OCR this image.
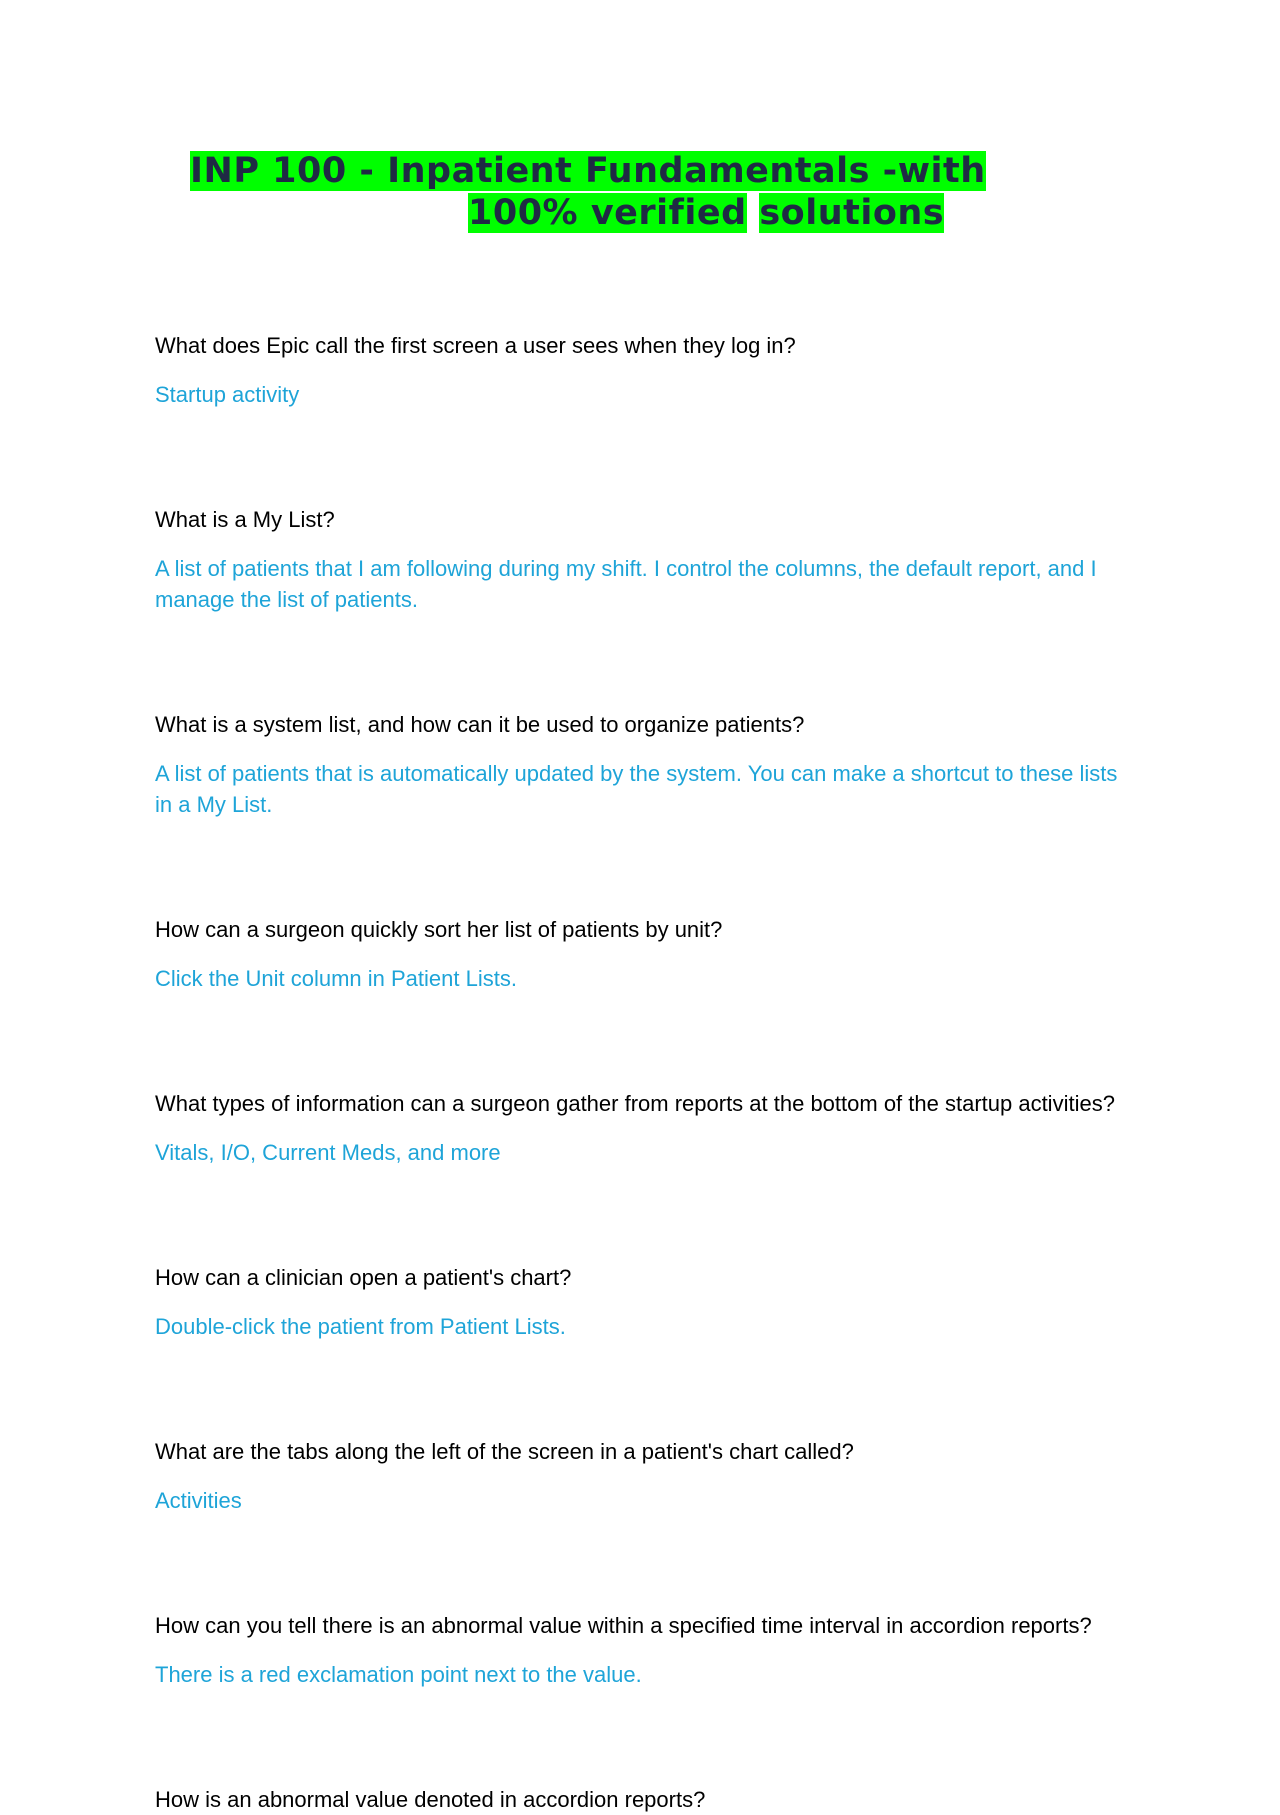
INP 100 - Inpatient Fundamentals -with
100% verified solutions

What does Epic call the first screen a user sees when they log in?

Startup activity

What is a My List?

A list of patients that I am following during my shift. I control the columns, the default report, and I manage the list of patients.

What is a system list, and how can it be used to organize patients?

A list of patients that is automatically updated by the system. You can make a shortcut to these lists in a My List.

How can a surgeon quickly sort her list of patients by unit?

Click the Unit column in Patient Lists.

What types of information can a surgeon gather from reports at the bottom of the startup activities?

Vitals, I/O, Current Meds, and more

How can a clinician open a patient's chart?

Double-click the patient from Patient Lists.

What are the tabs along the left of the screen in a patient's chart called?

Activities

How can you tell there is an abnormal value within a specified time interval in accordion reports?

There is a red exclamation point next to the value.

How is an abnormal value denoted in accordion reports?
